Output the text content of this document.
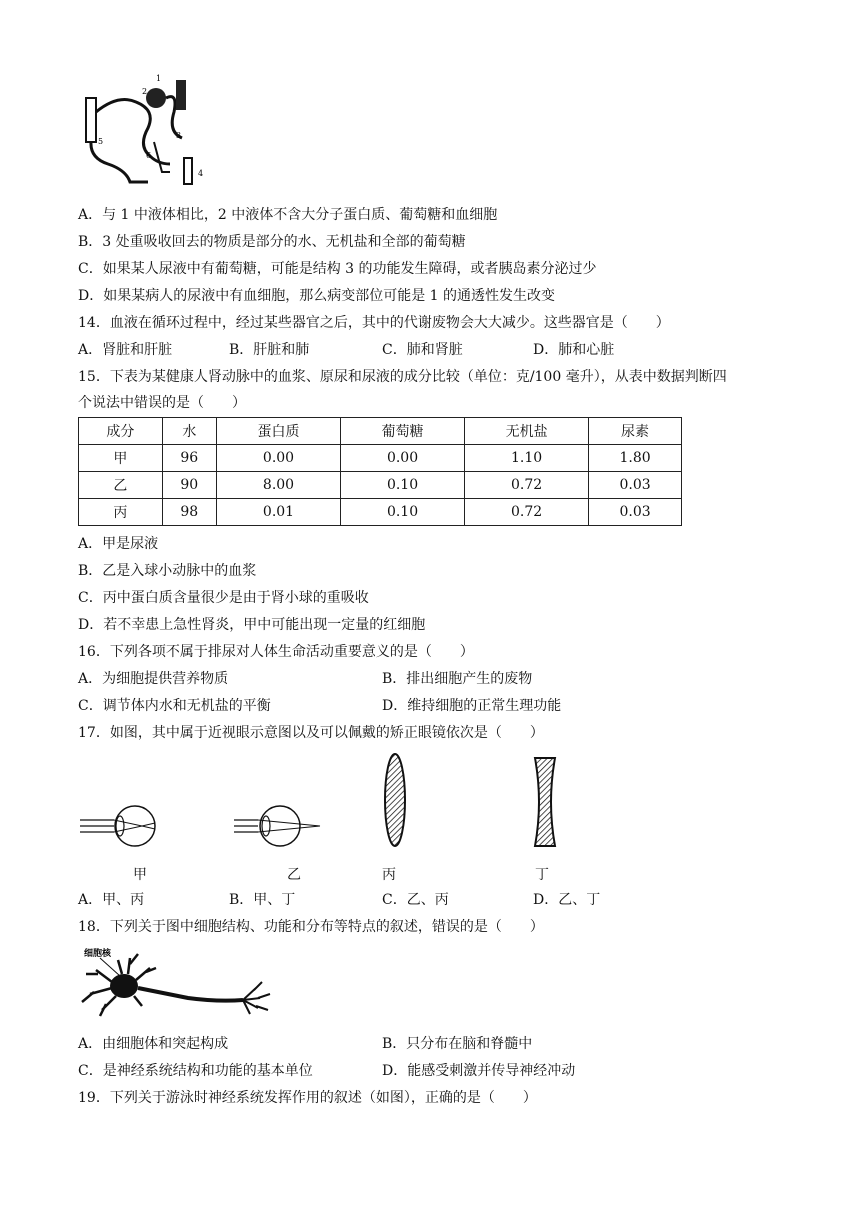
1
2
3
4
5
6
A．与 1 中液体相比，2 中液体不含大分子蛋白质、葡萄糖和血细胞
B．3 处重吸收回去的物质是部分的水、无机盐和全部的葡萄糖
C．如果某人尿液中有葡萄糖，可能是结构 3 的功能发生障碍，或者胰岛素分泌过少
D．如果某病人的尿液中有血细胞，那么病变部位可能是 1 的通透性发生改变
14．血液在循环过程中，经过某些器官之后，其中的代谢废物会大大减少。这些器官是（　　）
A．肾脏和肝脏	B．肝脏和肺	C．肺和肾脏	D．肺和心脏
15．下表为某健康人肾动脉中的血浆、原尿和尿液的成分比较（单位：克/100 毫升），从表中数据判断四
个说法中错误的是（　　）
成分	水	蛋白质	葡萄糖	无机盐	尿素
甲	96	0.00	0.00	1.10	1.80
乙	90	8.00	0.10	0.72	0.03
丙	98	0.01	0.10	0.72	0.03
A．甲是尿液
B．乙是入球小动脉中的血浆
C．丙中蛋白质含量很少是由于肾小球的重吸收
D．若不幸患上急性肾炎，甲中可能出现一定量的红细胞
16．下列各项不属于排尿对人体生命活动重要意义的是（　　）
A．为细胞提供营养物质	B．排出细胞产生的废物
C．调节体内水和无机盐的平衡	D．维持细胞的正常生理功能
17．如图，其中属于近视眼示意图以及可以佩戴的矫正眼镜依次是（　　）
甲	乙	丙	丁
A．甲、丙	B．甲、丁	C．乙、丙	D．乙、丁
18．下列关于图中细胞结构、功能和分布等特点的叙述，错误的是（　　）
细胞核
A．由细胞体和突起构成	B．只分布在脑和脊髓中
C．是神经系统结构和功能的基本单位	D．能感受刺激并传导神经冲动
19．下列关于游泳时神经系统发挥作用的叙述（如图），正确的是（　　）
